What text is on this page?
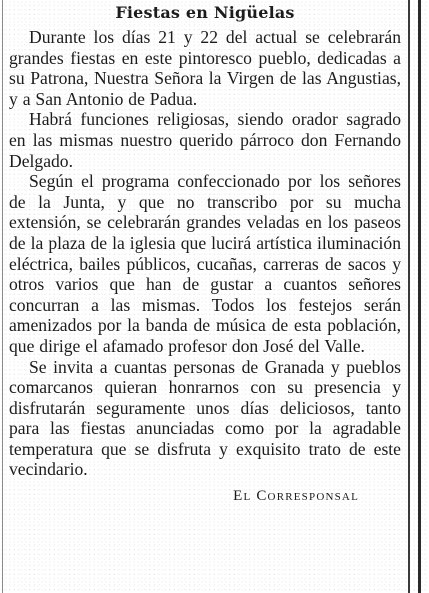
Fiestas en Nigüelas

Durante los días 21 y 22 del actual se celebrarán grandes fiestas en este pintoresco pueblo, dedicadas a su Patrona, Nuestra Señora la Virgen de las Angustias, y a San Antonio de Padua.

Habrá funciones religiosas, siendo orador sagrado en las mismas nuestro querido párroco don Fernando Delgado.

Según el programa confeccionado por los señores de la Junta, y que no transcribo por su mucha extensión, se celebrarán grandes veladas en los paseos de la plaza de la iglesia que lucirá artística iluminación eléctrica, bailes públicos, cucañas, carreras de sacos y otros varios que han de gustar a cuantos señores concurran a las mismas. Todos los festejos serán amenizados por la banda de música de esta población, que dirige el afamado profesor don José del Valle.

Se invita a cuantas personas de Granada y pueblos comarcanos quieran honrarnos con su presencia y disfrutarán seguramente unos días deliciosos, tanto para las fiestas anunciadas como por la agradable temperatura que se disfruta y exquisito trato de este vecindario.

El Corresponsal
